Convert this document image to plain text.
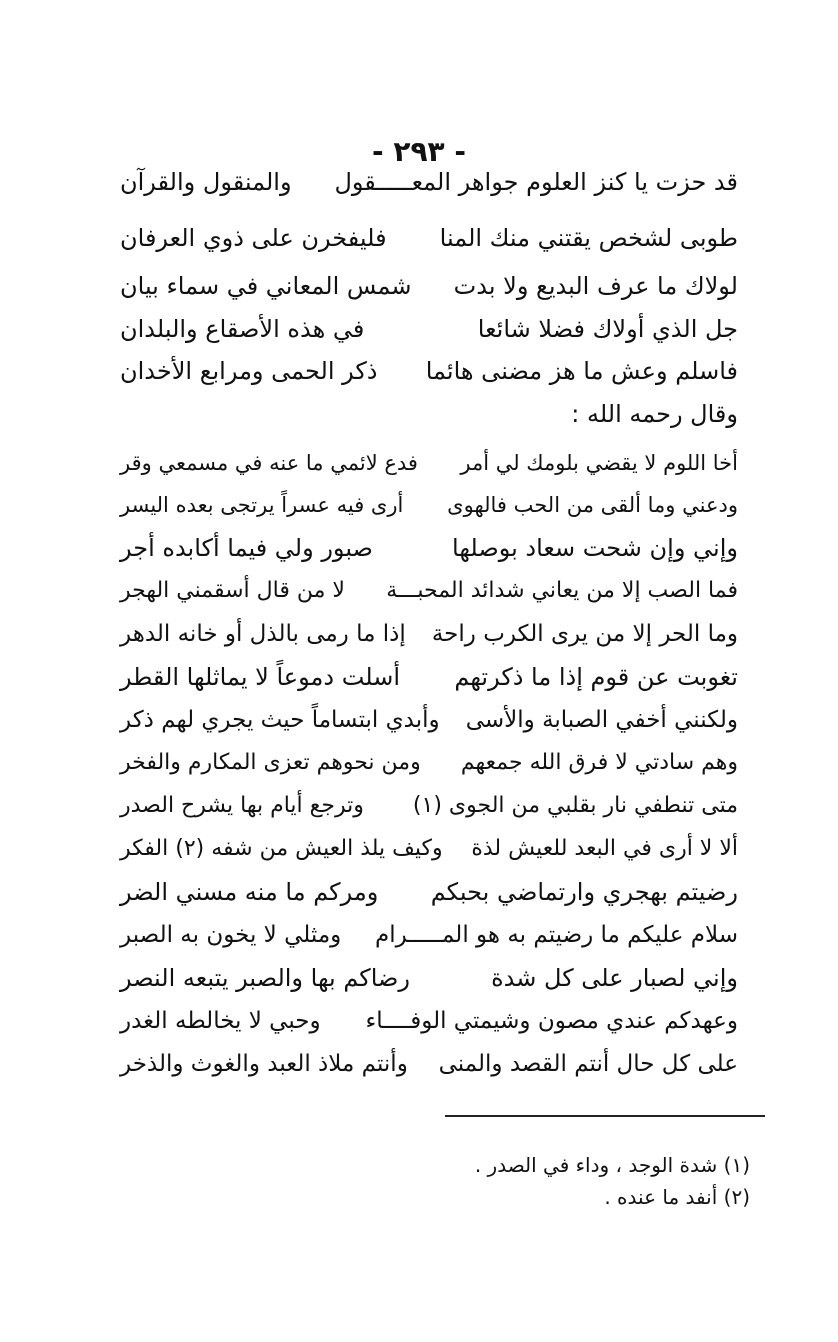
- ٢٩٣ -
قد حزت يا كنز العلوم جواهر المعـــــقول
والمنقول والقرآن
طوبى لشخص يقتني منك المنا
فليفخرن على ذوي العرفان
لولاك ما عرف البديع ولا بدت
شمس المعاني في سماء بيان
جل الذي أولاك فضلا شائعا
في هذه الأصقاع والبلدان
فاسلم وعش ما هز مضنى هائما
ذكر الحمى ومرابع الأخدان
وقال رحمه الله :
أخا اللوم لا يقضي بلومك لي أمر
فدع لائمي ما عنه في مسمعي وقر
ودعني وما ألقى من الحب فالهوى
أرى فيه عسراً يرتجى بعده اليسر
وإني وإن شحت سعاد بوصلها
صبور ولي فيما أكابده أجر
فما الصب إلا من يعاني شدائد المحبـــة
لا من قال أسقمني الهجر
وما الحر إلا من يرى الكرب راحة
إذا ما رمى بالذل أو خانه الدهر
تغوبت عن قوم إذا ما ذكرتهم
أسلت دموعاً لا يماثلها القطر
ولكنني أخفي الصبابة والأسى
وأبدي ابتساماً حيث يجري لهم ذكر
وهم سادتي لا فرق الله جمعهم
ومن نحوهم تعزى المكارم والفخر
متى تنطفي نار بقلبي من الجوى (١)
وترجع أيام بها يشرح الصدر
ألا لا أرى في البعد للعيش لذة
وكيف يلذ العيش من شفه (٢) الفكر
رضيتم بهجري وارتماضي بحبكم
ومركم ما منه مسني الضر
سلام عليكم ما رضيتم به هو المـــــرام
ومثلي لا يخون به الصبر
وإني لصبار على كل شدة
رضاكم بها والصبر يتبعه النصر
وعهدكم عندي مصون وشيمتي الوفــــاء
وحبي لا يخالطه الغدر
على كل حال أنتم القصد والمنى
وأنتم ملاذ العبد والغوث والذخر
(١) شدة الوجد ، وداء في الصدر .
(٢) أنفد ما عنده .
